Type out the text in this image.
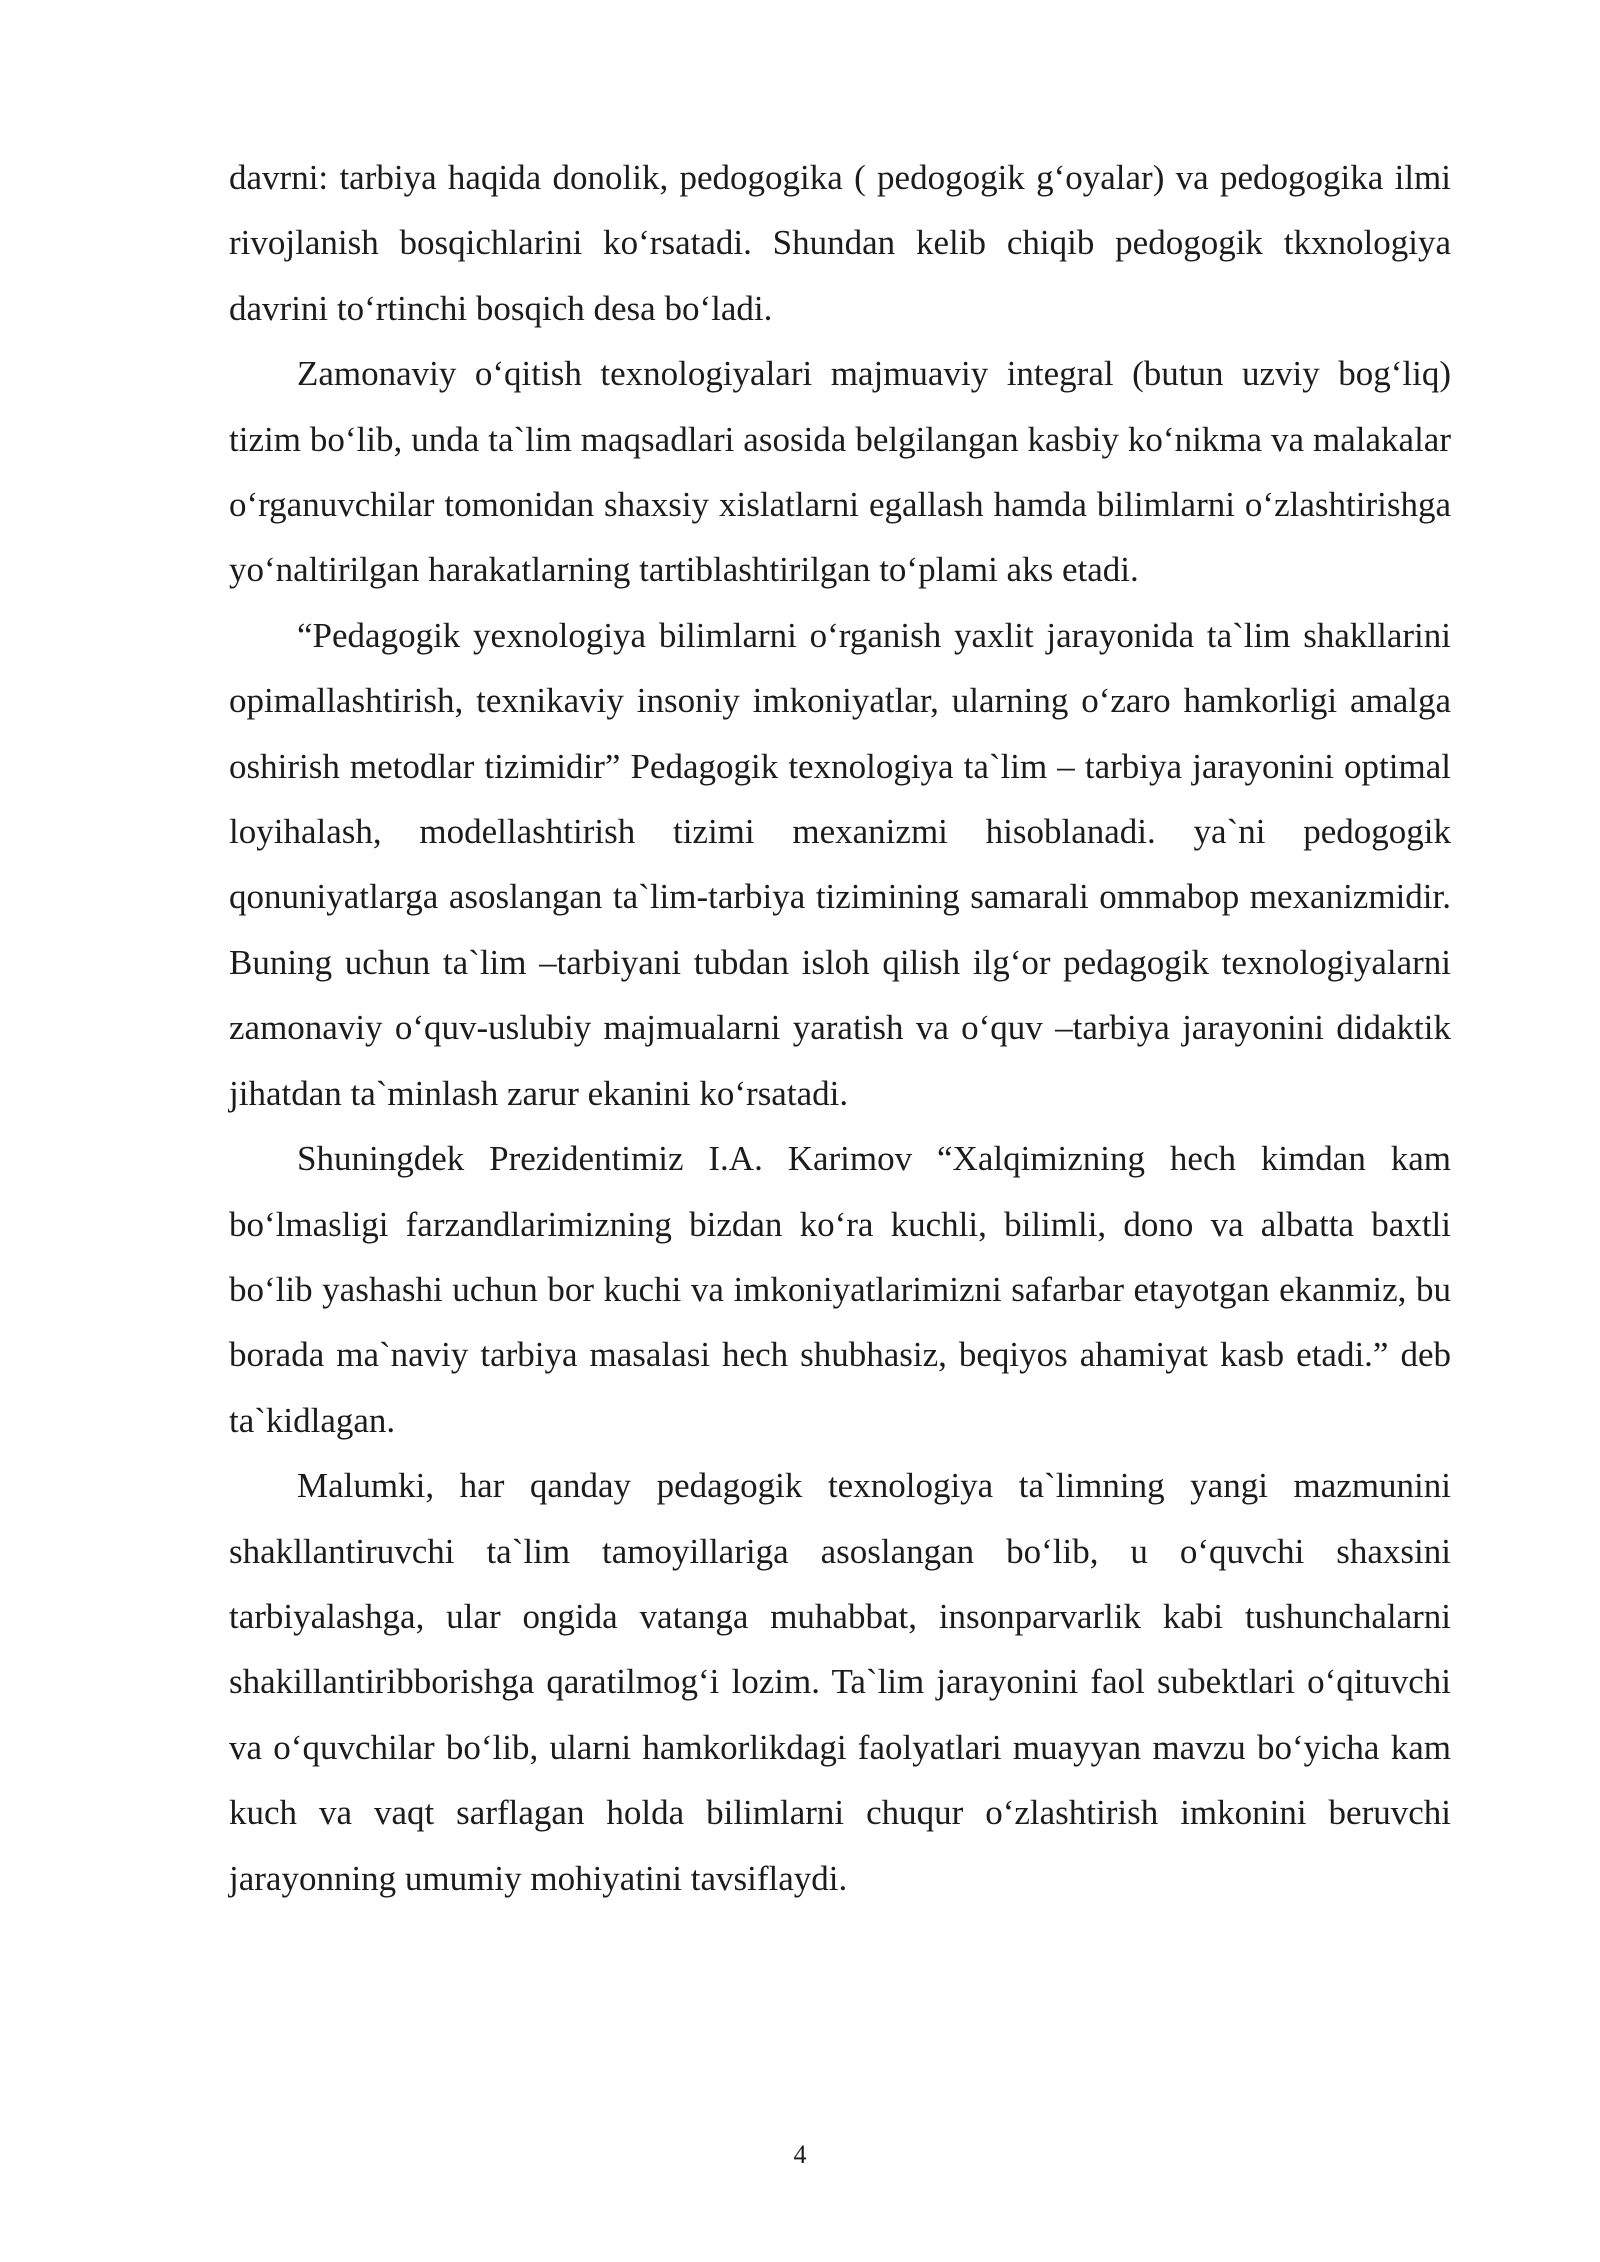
davrni: tarbiya haqida donolik, pedogogika ( pedogogik g‘oyalar) va pedogogika ilmi rivojlanish bosqichlarini ko‘rsatadi. Shundan kelib chiqib pedogogik tkxnologiya davrini to‘rtinchi bosqich desa bo‘ladi.

Zamonaviy o‘qitish texnologiyalari majmuaviy integral (butun uzviy bog‘liq) tizim bo‘lib, unda ta`lim maqsadlari asosida belgilangan kasbiy ko‘nikma va malakalar o‘rganuvchilar tomonidan shaxsiy xislatlarni egallash hamda bilimlarni o‘zlashtirishga yo‘naltirilgan harakatlarning tartiblashtirilgan to‘plami aks etadi.

“Pedagogik yexnologiya bilimlarni o‘rganish yaxlit jarayonida ta`lim shakllarini opimallashtirish, texnikaviy insoniy imkoniyatlar, ularning o‘zaro hamkorligi amalga oshirish metodlar tizimidir” Pedagogik texnologiya ta`lim – tarbiya jarayonini optimal loyihalash, modellashtirish tizimi mexanizmi hisoblanadi. ya`ni pedogogik qonuniyatlarga asoslangan ta`lim-tarbiya tizimining samarali ommabop mexanizmidir. Buning uchun ta`lim –tarbiyani tubdan isloh qilish ilg‘or pedagogik texnologiyalarni zamonaviy o‘quv-uslubiy majmualarni yaratish va o‘quv –tarbiya jarayonini didaktik jihatdan ta`minlash zarur ekanini ko‘rsatadi.

Shuningdek Prezidentimiz I.A. Karimov “Xalqimizning hech kimdan kam bo‘lmasligi farzandlarimizning bizdan ko‘ra kuchli, bilimli, dono va albatta baxtli bo‘lib yashashi uchun bor kuchi va imkoniyatlarimizni safarbar etayotgan ekanmiz, bu borada ma`naviy tarbiya masalasi hech shubhasiz, beqiyos ahamiyat kasb etadi.” deb ta`kidlagan.

Malumki, har qanday pedagogik texnologiya ta`limning yangi mazmunini shakllantiruvchi ta`lim tamoyillariga asoslangan bo‘lib, u o‘quvchi shaxsini tarbiyalashga, ular ongida vatanga muhabbat, insonparvarlik kabi tushunchalarni shakillantiribborishga qaratilmog‘i lozim. Ta`lim jarayonini faol subektlari o‘qituvchi va o‘quvchilar bo‘lib, ularni hamkorlikdagi faolyatlari muayyan mavzu bo‘yicha kam kuch va vaqt sarflagan holda bilimlarni chuqur o‘zlashtirish imkonini beruvchi jarayonning umumiy mohiyatini tavsiflaydi.

4
